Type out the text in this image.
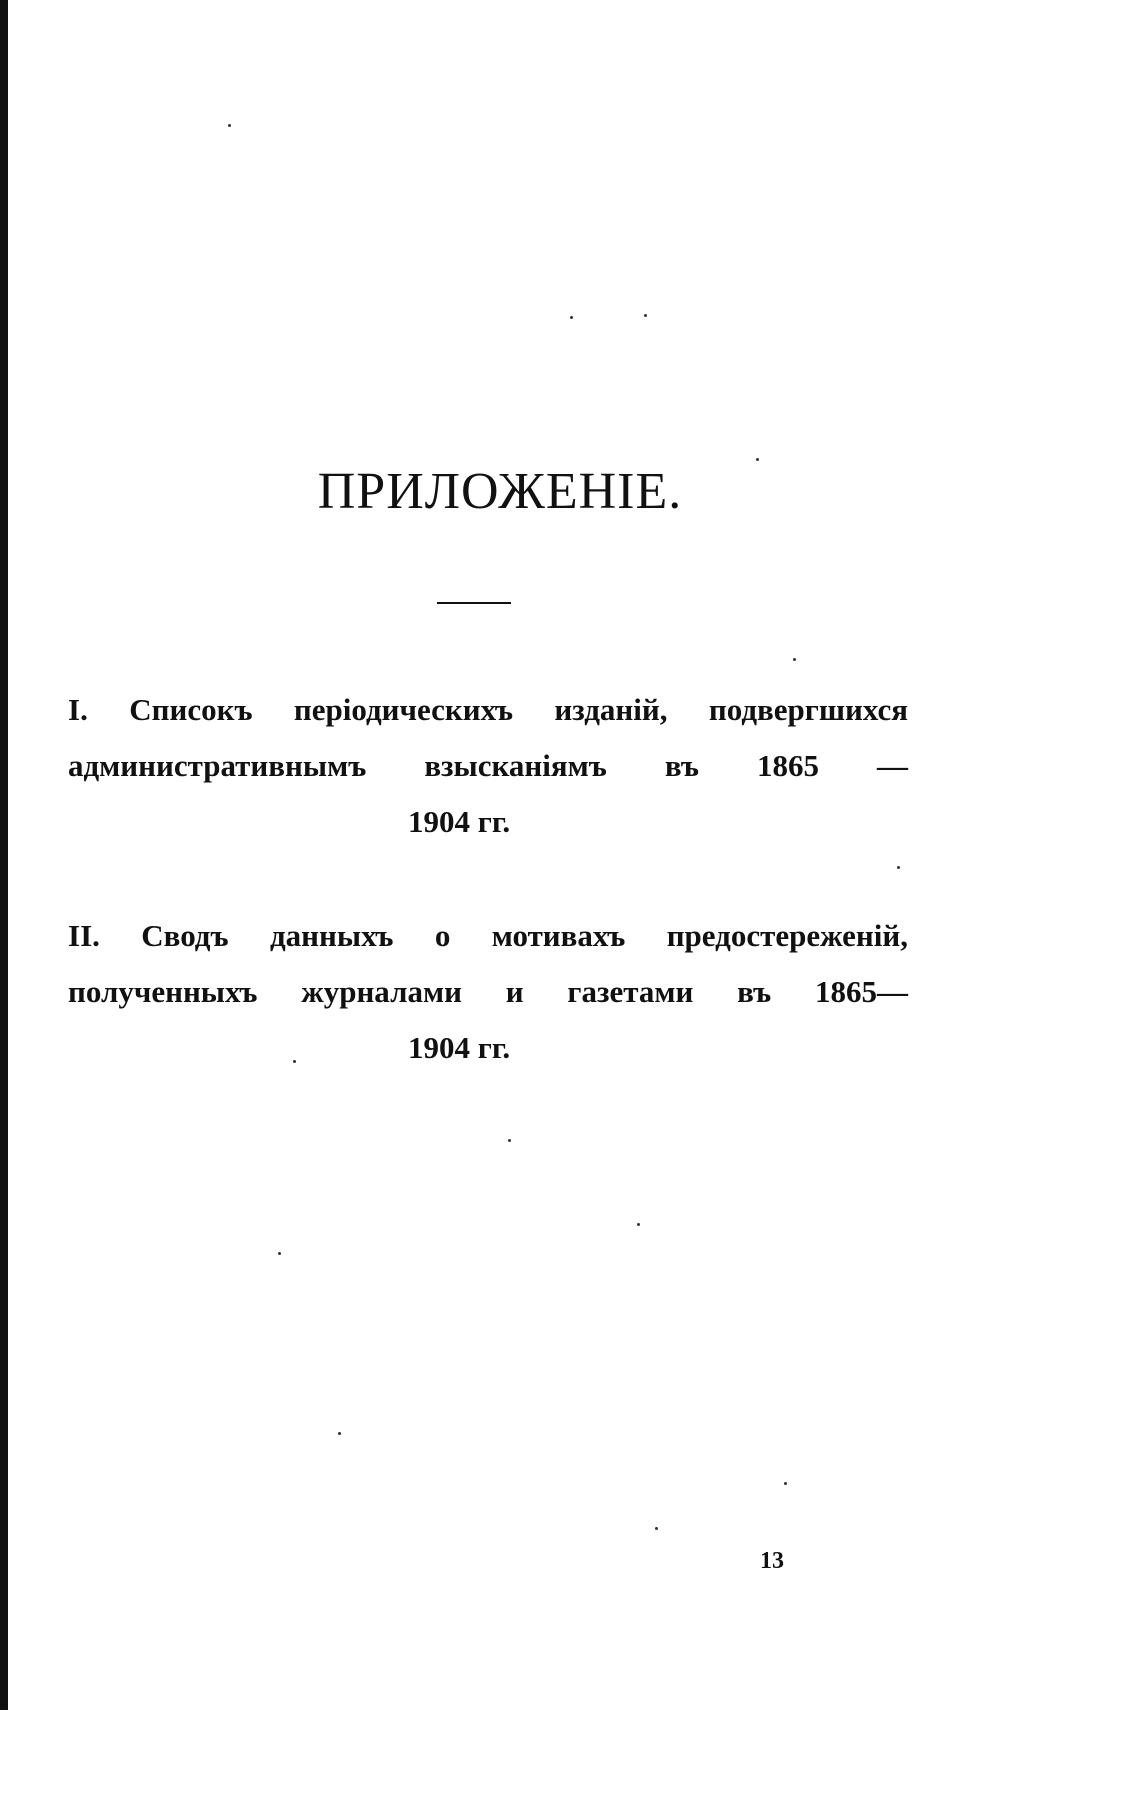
ПРИЛОЖЕНІЕ.
I. Списокъ періодическихъ изданій, подвергшихся
административнымъ взысканіямъ въ 1865 —
1904 гг.
II. Сводъ данныхъ о мотивахъ предостереженій,
полученныхъ журналами и газетами въ 1865—
1904 гг.
13
